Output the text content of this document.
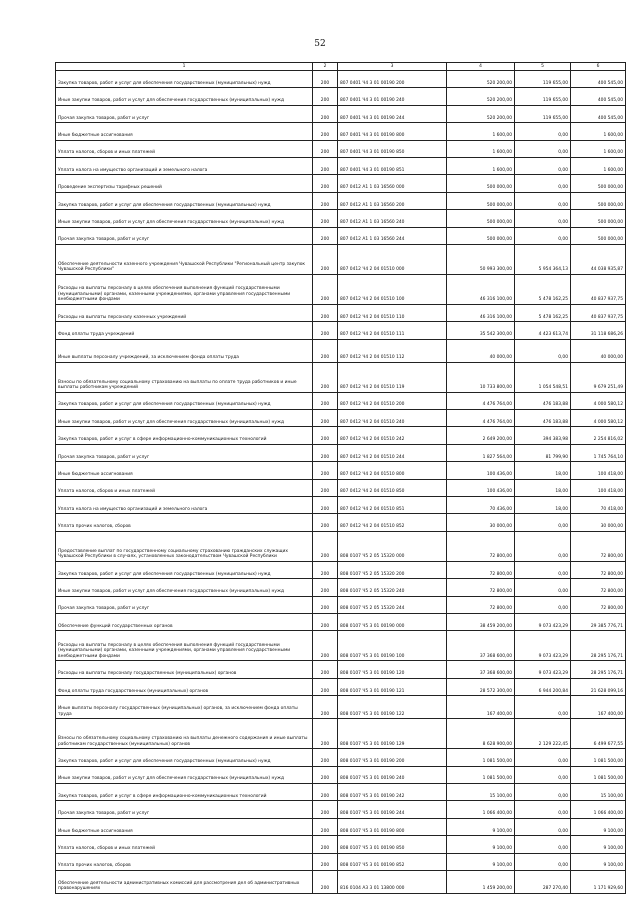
52
1	2	3	4	5	6
Закупка товаров, работ и услуг для обеспечения государственных (муниципальных) нужд	200	807 0401 Ч4 3 01 00190 200	520 200,00	119 655,00	400 545,00
Иные закупки товаров, работ и услуг для обеспечения государственных (муниципальных) нужд	200	807 0401 Ч4 3 01 00190 240	520 200,00	119 655,00	400 545,00
Прочая закупка товаров, работ и услуг	200	807 0401 Ч4 3 01 00190 244	520 200,00	119 655,00	400 545,00
Иные бюджетные ассигнования	200	807 0401 Ч4 3 01 00190 800	1 600,00	0,00	1 600,00
Уплата налогов, сборов и иных платежей	200	807 0401 Ч4 3 01 00190 850	1 600,00	0,00	1 600,00
Уплата налога на имущество организаций и земельного налога	200	807 0401 Ч4 3 01 00190 851	1 600,00	0,00	1 600,00
Проведение экспертизы тарифных решений	200	807 0412 А1 1 03 16560 000	500 000,00	0,00	500 000,00
Закупка товаров, работ и услуг для обеспечения государственных (муниципальных) нужд	200	807 0412 А1 1 03 16560 200	500 000,00	0,00	500 000,00
Иные закупки товаров, работ и услуг для обеспечения государственных (муниципальных) нужд	200	807 0412 А1 1 03 16560 240	500 000,00	0,00	500 000,00
Прочая закупка товаров, работ и услуг	200	807 0412 А1 1 03 16560 244	500 000,00	0,00	500 000,00
Обеспечение деятельности казенного учреждения Чувашской Республики "Региональный центр закупок Чувашской Республики"	200	807 0412 Ч4 2 04 01510 000	50 993 300,00	5 954 364,13	44 038 935,87
Расходы на выплаты персоналу в целях обеспечения выполнения функций государственными (муниципальными) органами, казенными учреждениями, органами управления государственными внебюджетными фондами	200	807 0412 Ч4 2 04 01510 100	46 316 100,00	5 478 162,25	40 837 937,75
Расходы на выплаты персоналу казенных учреждений	200	807 0412 Ч4 2 04 01510 110	46 316 100,00	5 478 162,25	40 837 937,75
Фонд оплаты труда учреждений	200	807 0412 Ч4 2 04 01510 111	35 542 300,00	4 423 613,74	31 118 686,26
Иные выплаты персоналу учреждений, за исключением фонда оплаты труда	200	807 0412 Ч4 2 04 01510 112	40 000,00	0,00	40 000,00
Взносы по обязательному социальному страхованию на выплаты по оплате труда работников и иные выплаты работникам учреждений	200	807 0412 Ч4 2 04 01510 119	10 733 800,00	1 054 548,51	9 679 251,49
Закупка товаров, работ и услуг для обеспечения государственных (муниципальных) нужд	200	807 0412 Ч4 2 04 01510 200	4 476 764,00	476 183,88	4 000 580,12
Иные закупки товаров, работ и услуг для обеспечения государственных (муниципальных) нужд	200	807 0412 Ч4 2 04 01510 240	4 476 764,00	476 183,88	4 000 580,12
Закупка товаров, работ и услуг в сфере информационно-коммуникационных технологий	200	807 0412 Ч4 2 04 01510 242	2 649 200,00	394 383,98	2 254 816,02
Прочая закупка товаров, работ и услуг	200	807 0412 Ч4 2 04 01510 244	1 827 564,00	81 799,90	1 745 764,10
Иные бюджетные ассигнования	200	807 0412 Ч4 2 04 01510 800	100 436,00	18,00	100 418,00
Уплата налогов, сборов и иных платежей	200	807 0412 Ч4 2 04 01510 850	100 436,00	18,00	100 418,00
Уплата налога на имущество организаций и земельного налога	200	807 0412 Ч4 2 04 01510 851	70 436,00	18,00	70 418,00
Уплата прочих налогов, сборов	200	807 0412 Ч4 2 04 01510 852	30 000,00	0,00	30 000,00
Предоставление выплат по государственному социальному страхованию гражданских служащих Чувашской Республики в случаях, установленных законодательством Чувашской Республики	200	808 0107 Ч5 2 05 15320 000	72 800,00	0,00	72 800,00
Закупка товаров, работ и услуг для обеспечения государственных (муниципальных) нужд	200	808 0107 Ч5 2 05 15320 200	72 800,00	0,00	72 800,00
Иные закупки товаров, работ и услуг для обеспечения государственных (муниципальных) нужд	200	808 0107 Ч5 2 05 15320 240	72 800,00	0,00	72 800,00
Прочая закупка товаров, работ и услуг	200	808 0107 Ч5 2 05 15320 244	72 800,00	0,00	72 800,00
Обеспечение функций государственных органов	200	808 0107 Ч5 3 01 00190 000	38 459 200,00	9 073 423,29	29 385 776,71
Расходы на выплаты персоналу в целях обеспечения выполнения функций государственными (муниципальными) органами, казенными учреждениями, органами управления государственными внебюджетными фондами	200	808 0107 Ч5 3 01 00190 100	37 368 600,00	9 073 423,29	28 295 176,71
Расходы на выплаты персоналу государственных (муниципальных) органов	200	808 0107 Ч5 3 01 00190 120	37 368 600,00	9 073 423,29	28 295 176,71
Фонд оплаты труда государственных (муниципальных) органов	200	808 0107 Ч5 3 01 00190 121	28 572 300,00	6 944 200,84	21 628 099,16
Иные выплаты персоналу государственных (муниципальных) органов, за исключением фонда оплаты труда	200	808 0107 Ч5 3 01 00190 122	167 400,00	0,00	167 400,00
Взносы по обязательному социальному страхованию на выплаты денежного содержания и иные выплаты работникам государственных (муниципальных) органов	200	808 0107 Ч5 3 01 00190 129	8 628 900,00	2 129 222,45	6 499 677,55
Закупка товаров, работ и услуг для обеспечения государственных (муниципальных) нужд	200	808 0107 Ч5 3 01 00190 200	1 081 500,00	0,00	1 081 500,00
Иные закупки товаров, работ и услуг для обеспечения государственных (муниципальных) нужд	200	808 0107 Ч5 3 01 00190 240	1 081 500,00	0,00	1 081 500,00
Закупка товаров, работ и услуг в сфере информационно-коммуникационных технологий	200	808 0107 Ч5 3 01 00190 242	15 100,00	0,00	15 100,00
Прочая закупка товаров, работ и услуг	200	808 0107 Ч5 3 01 00190 244	1 066 400,00	0,00	1 066 400,00
Иные бюджетные ассигнования	200	808 0107 Ч5 3 01 00190 800	9 100,00	0,00	9 100,00
Уплата налогов, сборов и иных платежей	200	808 0107 Ч5 3 01 00190 850	9 100,00	0,00	9 100,00
Уплата прочих налогов, сборов	200	808 0107 Ч5 3 01 00190 852	9 100,00	0,00	9 100,00
Обеспечение деятельности административных комиссий для рассмотрения дел об административных правонарушениях	200	816 0104 А3 3 01 13800 000	1 459 200,00	287 270,40	1 171 929,60
